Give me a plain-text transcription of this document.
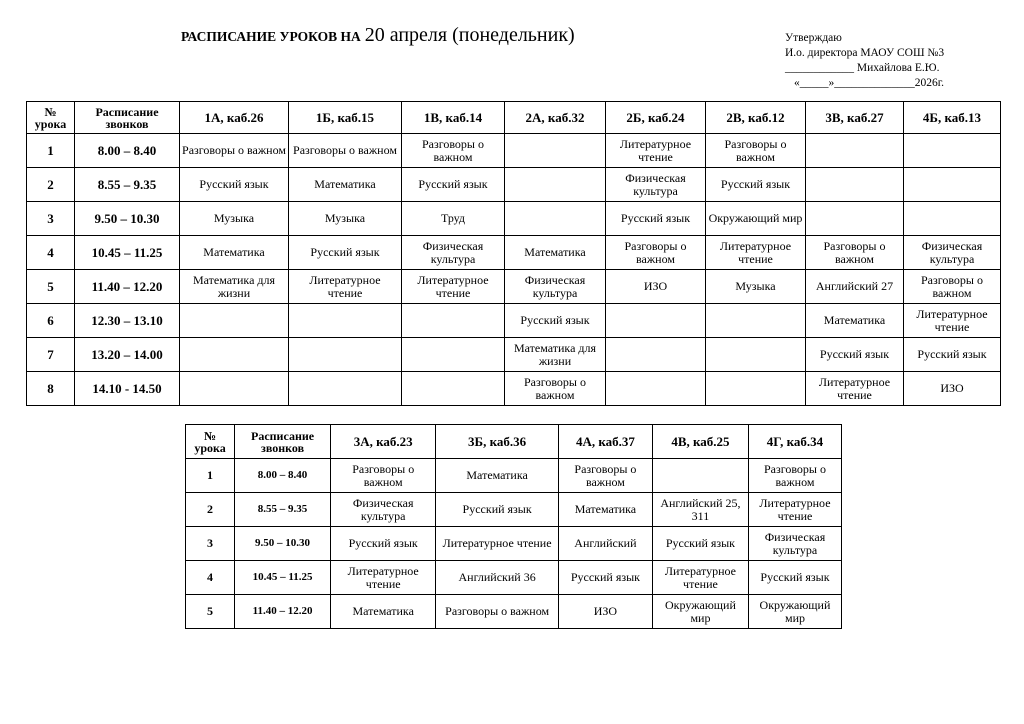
РАСПИСАНИЕ УРОКОВ НА 20 апреля (понедельник)	Утверждаю
И.о. директора МАОУ СОШ №3
____________ Михайлова Е.Ю.
«_____»______________2026г.
№ урока	Расписание звонков	1А, каб.26	1Б, каб.15	1В, каб.14	2А, каб.32	2Б, каб.24	2В, каб.12	3В, каб.27	4Б, каб.13
1	8.00 – 8.40	Разговоры о важном	Разговоры о важном	Разговоры о важном		Литературное чтение	Разговоры о важном		
2	8.55 – 9.35	Русский язык	Математика	Русский язык		Физическая культура	Русский язык		
3	9.50 – 10.30	Музыка	Музыка	Труд		Русский язык	Окружающий мир		
4	10.45 – 11.25	Математика	Русский язык	Физическая культура	Математика	Разговоры о важном	Литературное чтение	Разговоры о важном	Физическая культура
5	11.40 – 12.20	Математика для жизни	Литературное чтение	Литературное чтение	Физическая культура	ИЗО	Музыка	Английский 27	Разговоры о важном
6	12.30 – 13.10				Русский язык			Математика	Литературное чтение
7	13.20 – 14.00				Математика для жизни			Русский язык	Русский язык
8	14.10 - 14.50				Разговоры о важном			Литературное чтение	ИЗО
№ урока	Расписание звонков	3А, каб.23	3Б, каб.36	4А, каб.37	4В, каб.25	4Г, каб.34
1	8.00 – 8.40	Разговоры о важном	Математика	Разговоры о важном		Разговоры о важном
2	8.55 – 9.35	Физическая культура	Русский язык	Математика	Английский 25, 311	Литературное чтение
3	9.50 – 10.30	Русский язык	Литературное чтение	Английский	Русский язык	Физическая культура
4	10.45 – 11.25	Литературное чтение	Английский 36	Русский язык	Литературное чтение	Русский язык
5	11.40 – 12.20	Математика	Разговоры о важном	ИЗО	Окружающий мир	Окружающий мир
